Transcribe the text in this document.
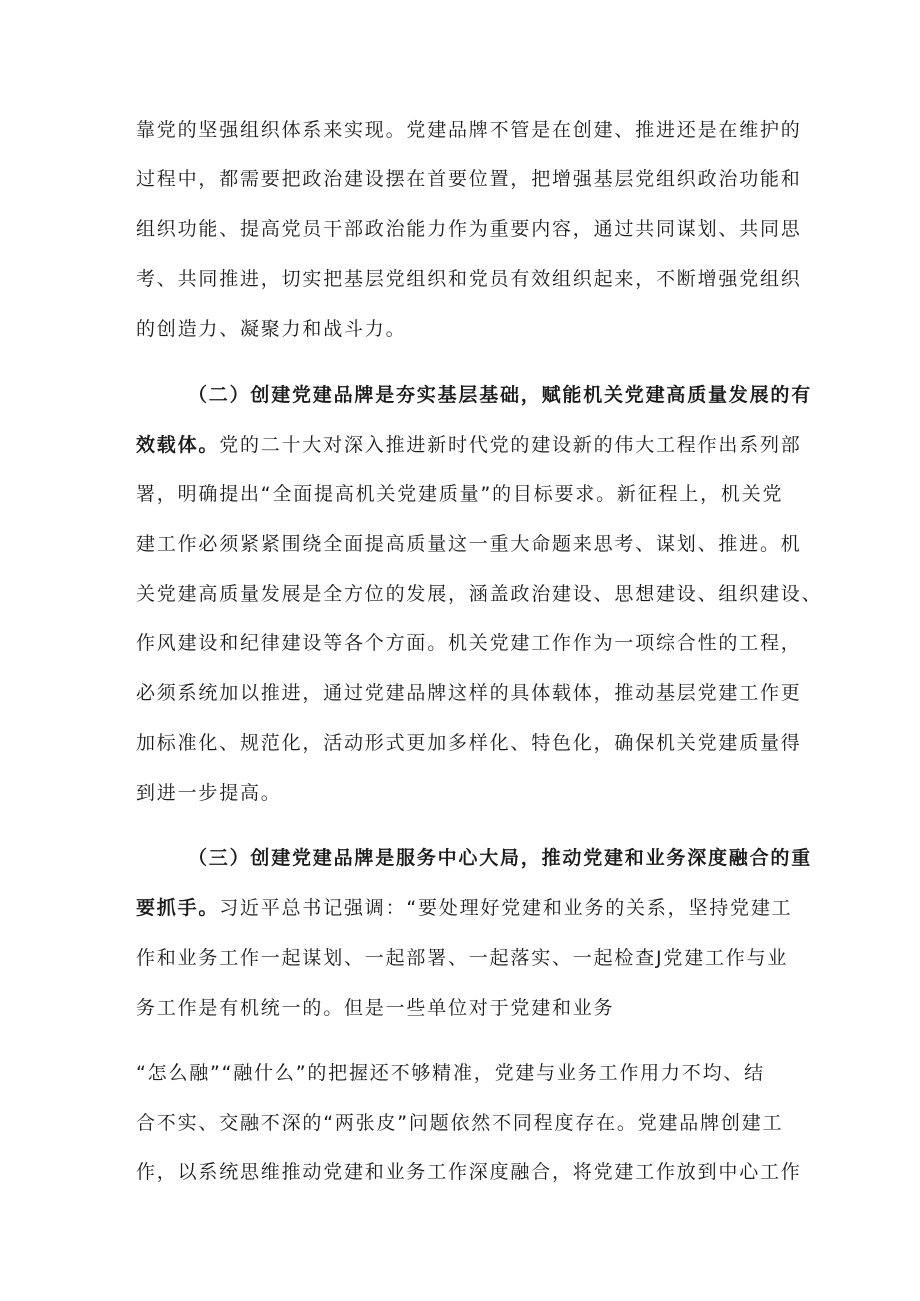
靠党的坚强组织体系来实现。党建品牌不管是在创建、推进还是在维护的
过程中，都需要把政治建设摆在首要位置，把增强基层党组织政治功能和
组织功能、提高党员干部政治能力作为重要内容，通过共同谋划、共同思
考、共同推进，切实把基层党组织和党员有效组织起来，不断增强党组织
的创造力、凝聚力和战斗力。
（二）创建党建品牌是夯实基层基础，赋能机关党建高质量发展的有
效载体。党的二十大对深入推进新时代党的建设新的伟大工程作出系列部
署，明确提出“全面提高机关党建质量”的目标要求。新征程上，机关党
建工作必须紧紧围绕全面提高质量这一重大命题来思考、谋划、推进。机
关党建高质量发展是全方位的发展，涵盖政治建设、思想建设、组织建设、
作风建设和纪律建设等各个方面。机关党建工作作为一项综合性的工程，
必须系统加以推进，通过党建品牌这样的具体载体，推动基层党建工作更
加标准化、规范化，活动形式更加多样化、特色化，确保机关党建质量得
到进一步提高。
（三）创建党建品牌是服务中心大局，推动党建和业务深度融合的重
要抓手。习近平总书记强调：“要处理好党建和业务的关系，坚持党建工
作和业务工作一起谋划、一起部署、一起落实、一起检查J党建工作与业
务工作是有机统一的。但是一些单位对于党建和业务
“怎么融”“融什么”的把握还不够精准，党建与业务工作用力不均、结
合不实、交融不深的“两张皮”问题依然不同程度存在。党建品牌创建工
作，以系统思维推动党建和业务工作深度融合，将党建工作放到中心工作
